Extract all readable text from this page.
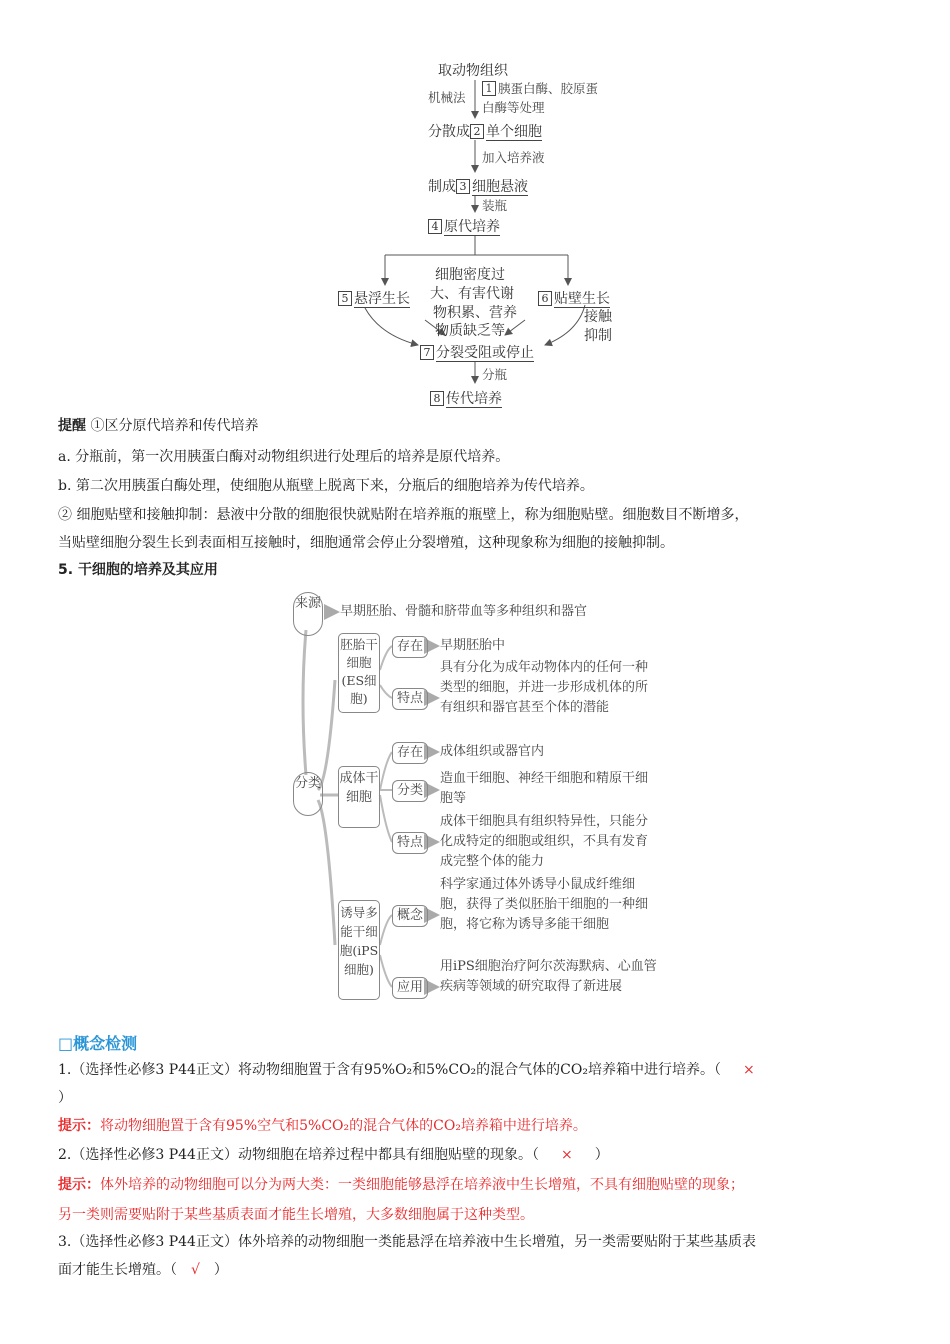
取动物组织
机械法
1 胰蛋白酶、胶原蛋
白酶等处理
分散成 2 单个细胞
加入培养液
制成 3 细胞悬液
装瓶
4 原代培养
5 悬浮生长	6 贴壁生长
接触
抑制
细胞密度过
大、有害代谢
物积累、营养
物质缺乏等
7 分裂受阻或停止
分瓶
8 传代培养
提醒 ①区分原代培养和传代培养
a. 分瓶前，第一次用胰蛋白酶对动物组织进行处理后的培养是原代培养。
b. 第二次用胰蛋白酶处理，使细胞从瓶壁上脱离下来，分瓶后的细胞培养为传代培养。
② 细胞贴壁和接触抑制：悬液中分散的细胞很快就贴附在培养瓶的瓶壁上，称为细胞贴壁。细胞数目不断增多，
当贴壁细胞分裂生长到表面相互接触时，细胞通常会停止分裂增殖，这种现象称为细胞的接触抑制。
5. 干细胞的培养及其应用
来源
早期胚胎、骨髓和脐带血等多种组织和器官
分类
胚胎干细胞(ES细胞)
存在	早期胚胎中
特点
具有分化为成年动物体内的任何一种类型的细胞，并进一步形成机体的所有组织和器官甚至个体的潜能
成体干细胞
存在	成体组织或器官内
分类
造血干细胞、神经干细胞和精原干细胞等
特点
成体干细胞具有组织特异性，只能分化成特定的细胞或组织，不具有发育成完整个体的能力
诱导多能干细胞(iPS细胞)
概念
科学家通过体外诱导小鼠成纤维细胞，获得了类似胚胎干细胞的一种细胞，将它称为诱导多能干细胞
应用
用iPS细胞治疗阿尔茨海默病、心血管疾病等领域的研究取得了新进展
□概念检测
1.（选择性必修3 P44正文）将动物细胞置于含有95%O₂和5%CO₂的混合气体的CO₂培养箱中进行培养。（ ×
）
提示：将动物细胞置于含有95%空气和5%CO₂的混合气体的CO₂培养箱中进行培养。
2.（选择性必修3 P44正文）动物细胞在培养过程中都具有细胞贴壁的现象。（ × ）
提示：体外培养的动物细胞可以分为两大类：一类细胞能够悬浮在培养液中生长增殖，不具有细胞贴壁的现象；
另一类则需要贴附于某些基质表面才能生长增殖，大多数细胞属于这种类型。
3.（选择性必修3 P44正文）体外培养的动物细胞一类能悬浮在培养液中生长增殖，另一类需要贴附于某些基质表
面才能生长增殖。（ √ ）
